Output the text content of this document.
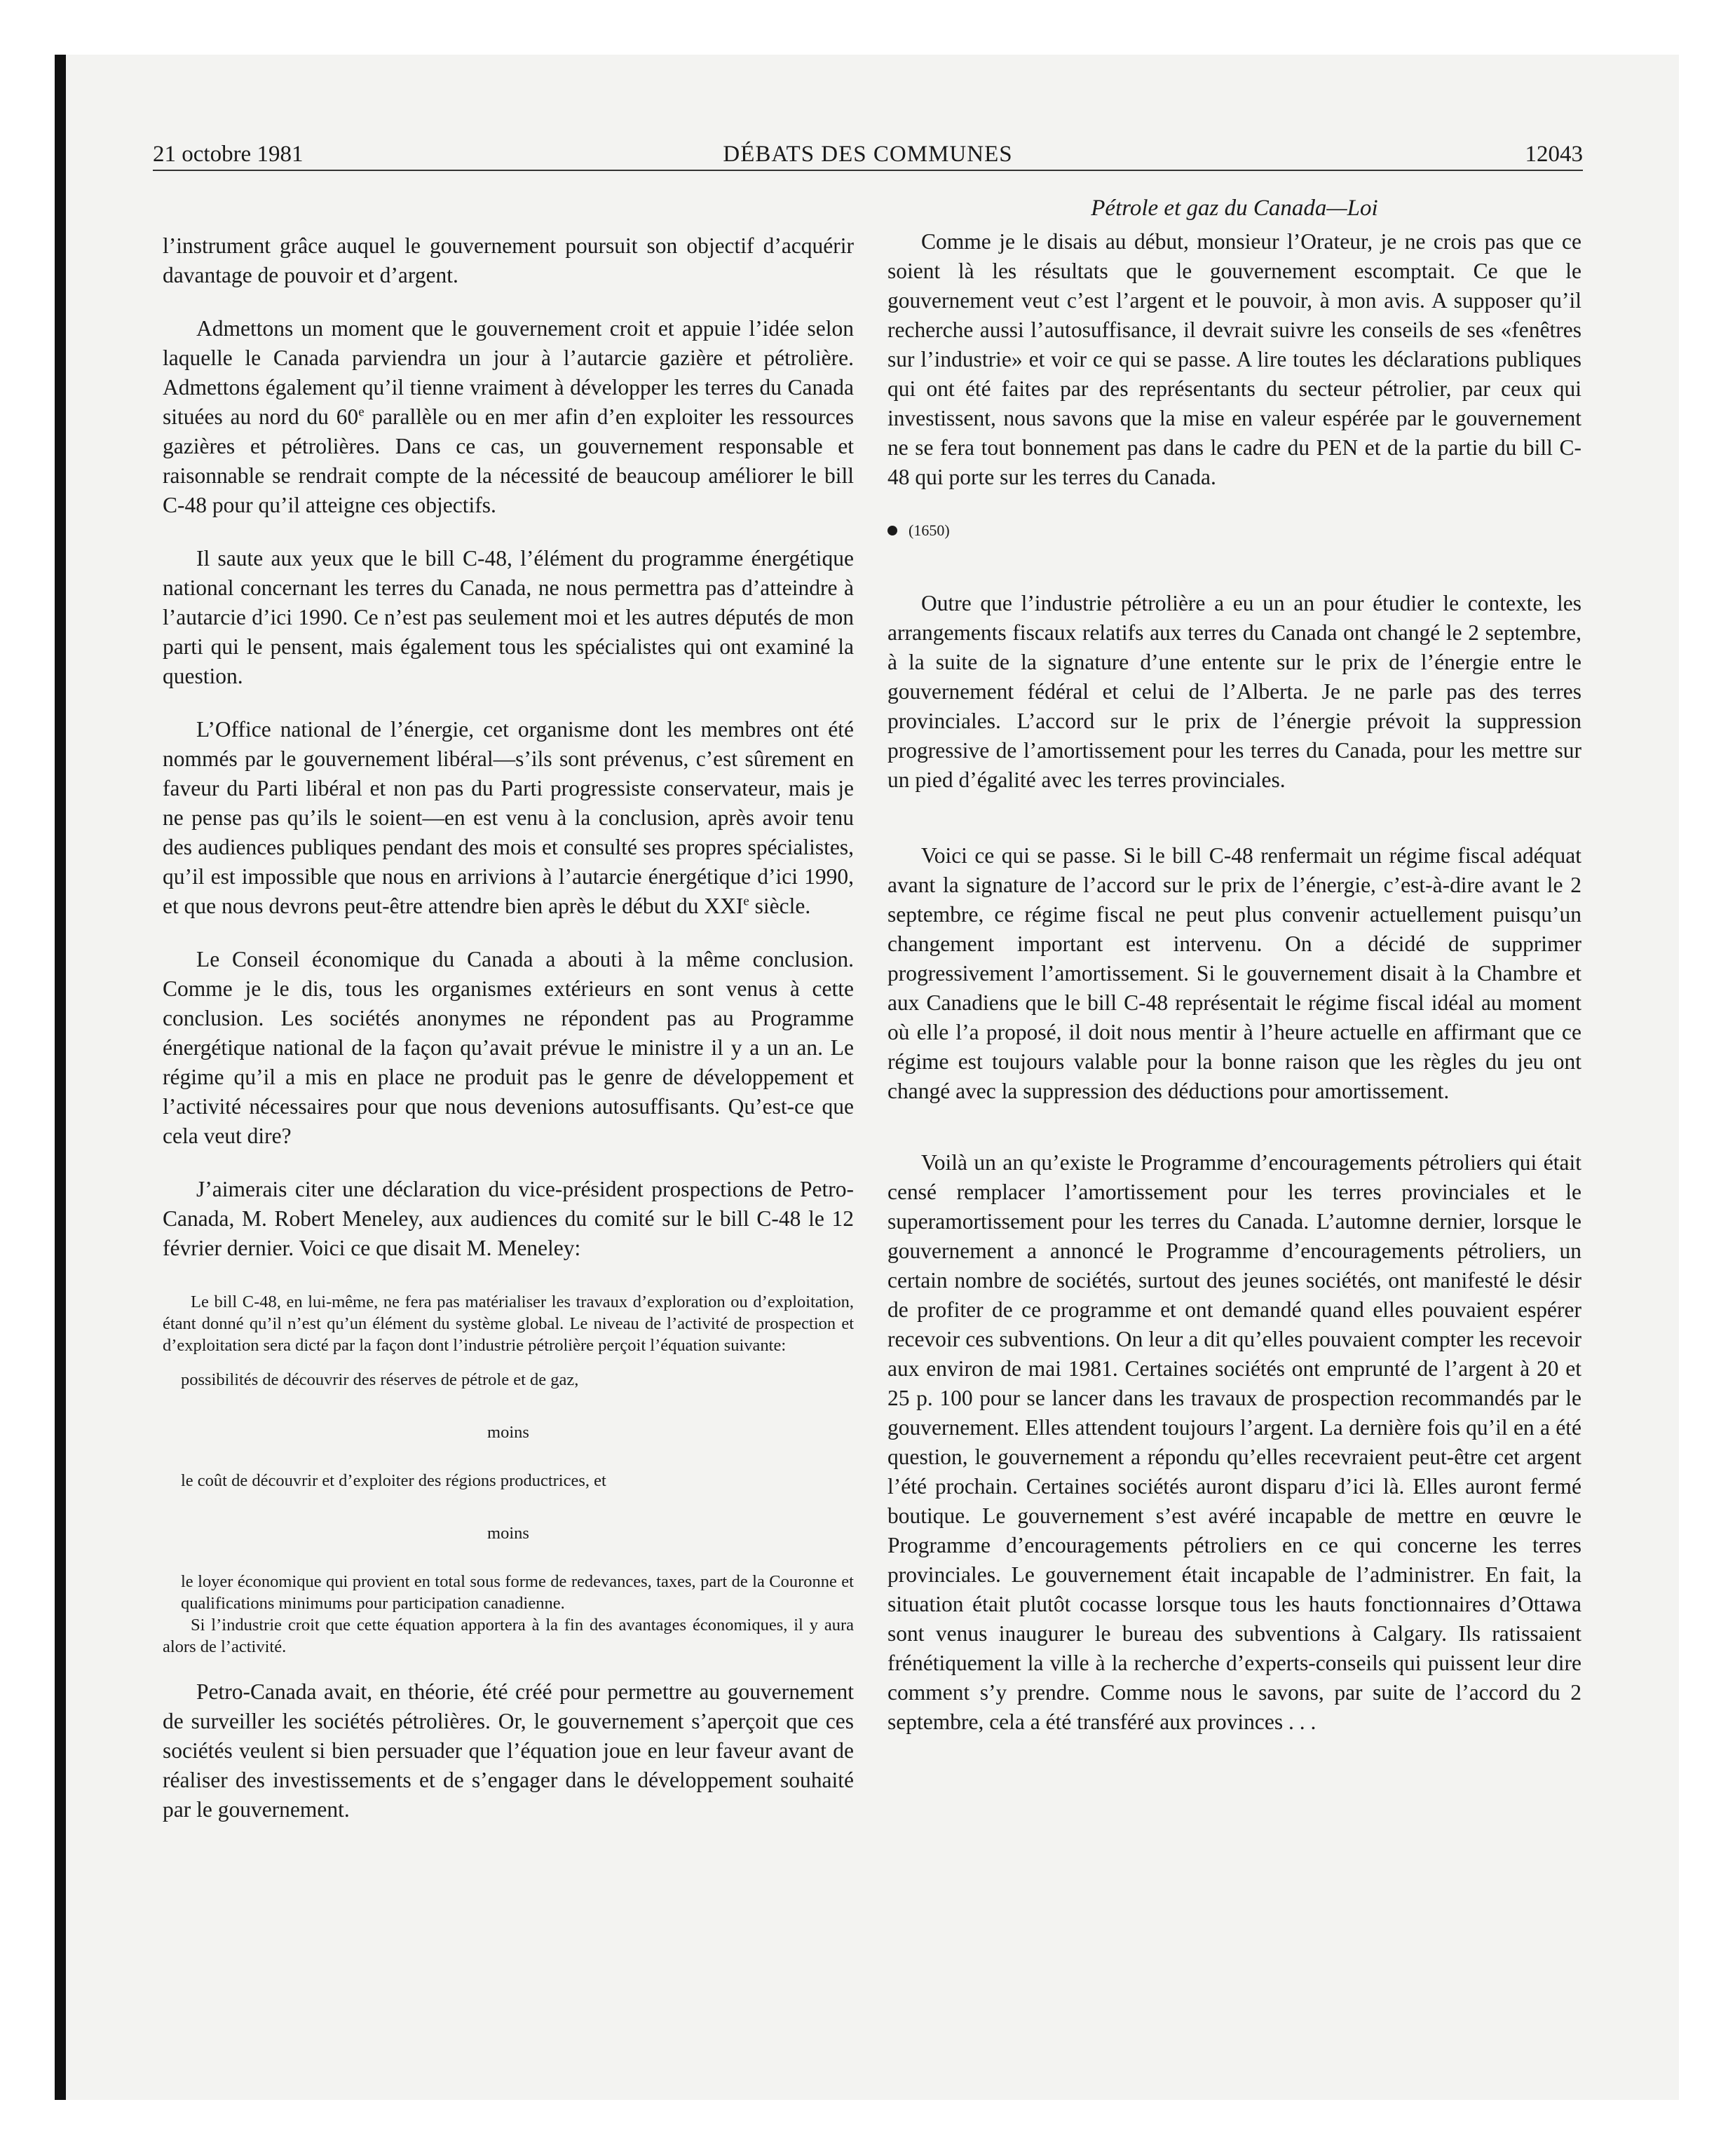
21 octobre 1981	DÉBATS DES COMMUNES	12043
Pétrole et gaz du Canada—Loi

l’instrument grâce auquel le gouvernement poursuit son objectif d’acquérir davantage de pouvoir et d’argent.

Admettons un moment que le gouvernement croit et appuie l’idée selon laquelle le Canada parviendra un jour à l’autarcie gazière et pétrolière. Admettons également qu’il tienne vraiment à développer les terres du Canada situées au nord du 60e parallèle ou en mer afin d’en exploiter les ressources gazières et pétrolières. Dans ce cas, un gouvernement responsable et raisonnable se rendrait compte de la nécessité de beaucoup améliorer le bill C-48 pour qu’il atteigne ces objectifs.

Il saute aux yeux que le bill C-48, l’élément du programme énergétique national concernant les terres du Canada, ne nous permettra pas d’atteindre à l’autarcie d’ici 1990. Ce n’est pas seulement moi et les autres députés de mon parti qui le pensent, mais également tous les spécialistes qui ont examiné la question.

L’Office national de l’énergie, cet organisme dont les membres ont été nommés par le gouvernement libéral—s’ils sont prévenus, c’est sûrement en faveur du Parti libéral et non pas du Parti progressiste conservateur, mais je ne pense pas qu’ils le soient—en est venu à la conclusion, après avoir tenu des audiences publiques pendant des mois et consulté ses propres spécialistes, qu’il est impossible que nous en arrivions à l’autarcie énergétique d’ici 1990, et que nous devrons peut-être attendre bien après le début du XXIe siècle.

Le Conseil économique du Canada a abouti à la même conclusion. Comme je le dis, tous les organismes extérieurs en sont venus à cette conclusion. Les sociétés anonymes ne répondent pas au Programme énergétique national de la façon qu’avait prévue le ministre il y a un an. Le régime qu’il a mis en place ne produit pas le genre de développement et l’activité nécessaires pour que nous devenions autosuffisants. Qu’est-ce que cela veut dire?

J’aimerais citer une déclaration du vice-président prospections de Petro-Canada, M. Robert Meneley, aux audiences du comité sur le bill C-48 le 12 février dernier. Voici ce que disait M. Meneley:

Le bill C-48, en lui-même, ne fera pas matérialiser les travaux d’exploration ou d’exploitation, étant donné qu’il n’est qu’un élément du système global. Le niveau de l’activité de prospection et d’exploitation sera dicté par la façon dont l’industrie pétrolière perçoit l’équation suivante:

possibilités de découvrir des réserves de pétrole et de gaz,

moins

le coût de découvrir et d’exploiter des régions productrices, et

moins

le loyer économique qui provient en total sous forme de redevances, taxes, part de la Couronne et qualifications minimums pour participation canadienne.

Si l’industrie croit que cette équation apportera à la fin des avantages économiques, il y aura alors de l’activité.

Petro-Canada avait, en théorie, été créé pour permettre au gouvernement de surveiller les sociétés pétrolières. Or, le gouvernement s’aperçoit que ces sociétés veulent si bien persuader que l’équation joue en leur faveur avant de réaliser des investissements et de s’engager dans le développement souhaité par le gouvernement.

Comme je le disais au début, monsieur l’Orateur, je ne crois pas que ce soient là les résultats que le gouvernement escomptait. Ce que le gouvernement veut c’est l’argent et le pouvoir, à mon avis. A supposer qu’il recherche aussi l’autosuffisance, il devrait suivre les conseils de ses «fenêtres sur l’industrie» et voir ce qui se passe. A lire toutes les déclarations publiques qui ont été faites par des représentants du secteur pétrolier, par ceux qui investissent, nous savons que la mise en valeur espérée par le gouvernement ne se fera tout bonnement pas dans le cadre du PEN et de la partie du bill C-48 qui porte sur les terres du Canada.

(1650)

Outre que l’industrie pétrolière a eu un an pour étudier le contexte, les arrangements fiscaux relatifs aux terres du Canada ont changé le 2 septembre, à la suite de la signature d’une entente sur le prix de l’énergie entre le gouvernement fédéral et celui de l’Alberta. Je ne parle pas des terres provinciales. L’accord sur le prix de l’énergie prévoit la suppression progressive de l’amortissement pour les terres du Canada, pour les mettre sur un pied d’égalité avec les terres provinciales.

Voici ce qui se passe. Si le bill C-48 renfermait un régime fiscal adéquat avant la signature de l’accord sur le prix de l’énergie, c’est-à-dire avant le 2 septembre, ce régime fiscal ne peut plus convenir actuellement puisqu’un changement important est intervenu. On a décidé de supprimer progressivement l’amortissement. Si le gouvernement disait à la Chambre et aux Canadiens que le bill C-48 représentait le régime fiscal idéal au moment où elle l’a proposé, il doit nous mentir à l’heure actuelle en affirmant que ce régime est toujours valable pour la bonne raison que les règles du jeu ont changé avec la suppression des déductions pour amortissement.

Voilà un an qu’existe le Programme d’encouragements pétroliers qui était censé remplacer l’amortissement pour les terres provinciales et le superamortissement pour les terres du Canada. L’automne dernier, lorsque le gouvernement a annoncé le Programme d’encouragements pétroliers, un certain nombre de sociétés, surtout des jeunes sociétés, ont manifesté le désir de profiter de ce programme et ont demandé quand elles pouvaient espérer recevoir ces subventions. On leur a dit qu’elles pouvaient compter les recevoir aux environ de mai 1981. Certaines sociétés ont emprunté de l’argent à 20 et 25 p. 100 pour se lancer dans les travaux de prospection recommandés par le gouvernement. Elles attendent toujours l’argent. La dernière fois qu’il en a été question, le gouvernement a répondu qu’elles recevraient peut-être cet argent l’été prochain. Certaines sociétés auront disparu d’ici là. Elles auront fermé boutique. Le gouvernement s’est avéré incapable de mettre en œuvre le Programme d’encouragements pétroliers en ce qui concerne les terres provinciales. Le gouvernement était incapable de l’administrer. En fait, la situation était plutôt cocasse lorsque tous les hauts fonctionnaires d’Ottawa sont venus inaugurer le bureau des subventions à Calgary. Ils ratissaient frénétiquement la ville à la recherche d’experts-conseils qui puissent leur dire comment s’y prendre. Comme nous le savons, par suite de l’accord du 2 septembre, cela a été transféré aux provinces . . .
